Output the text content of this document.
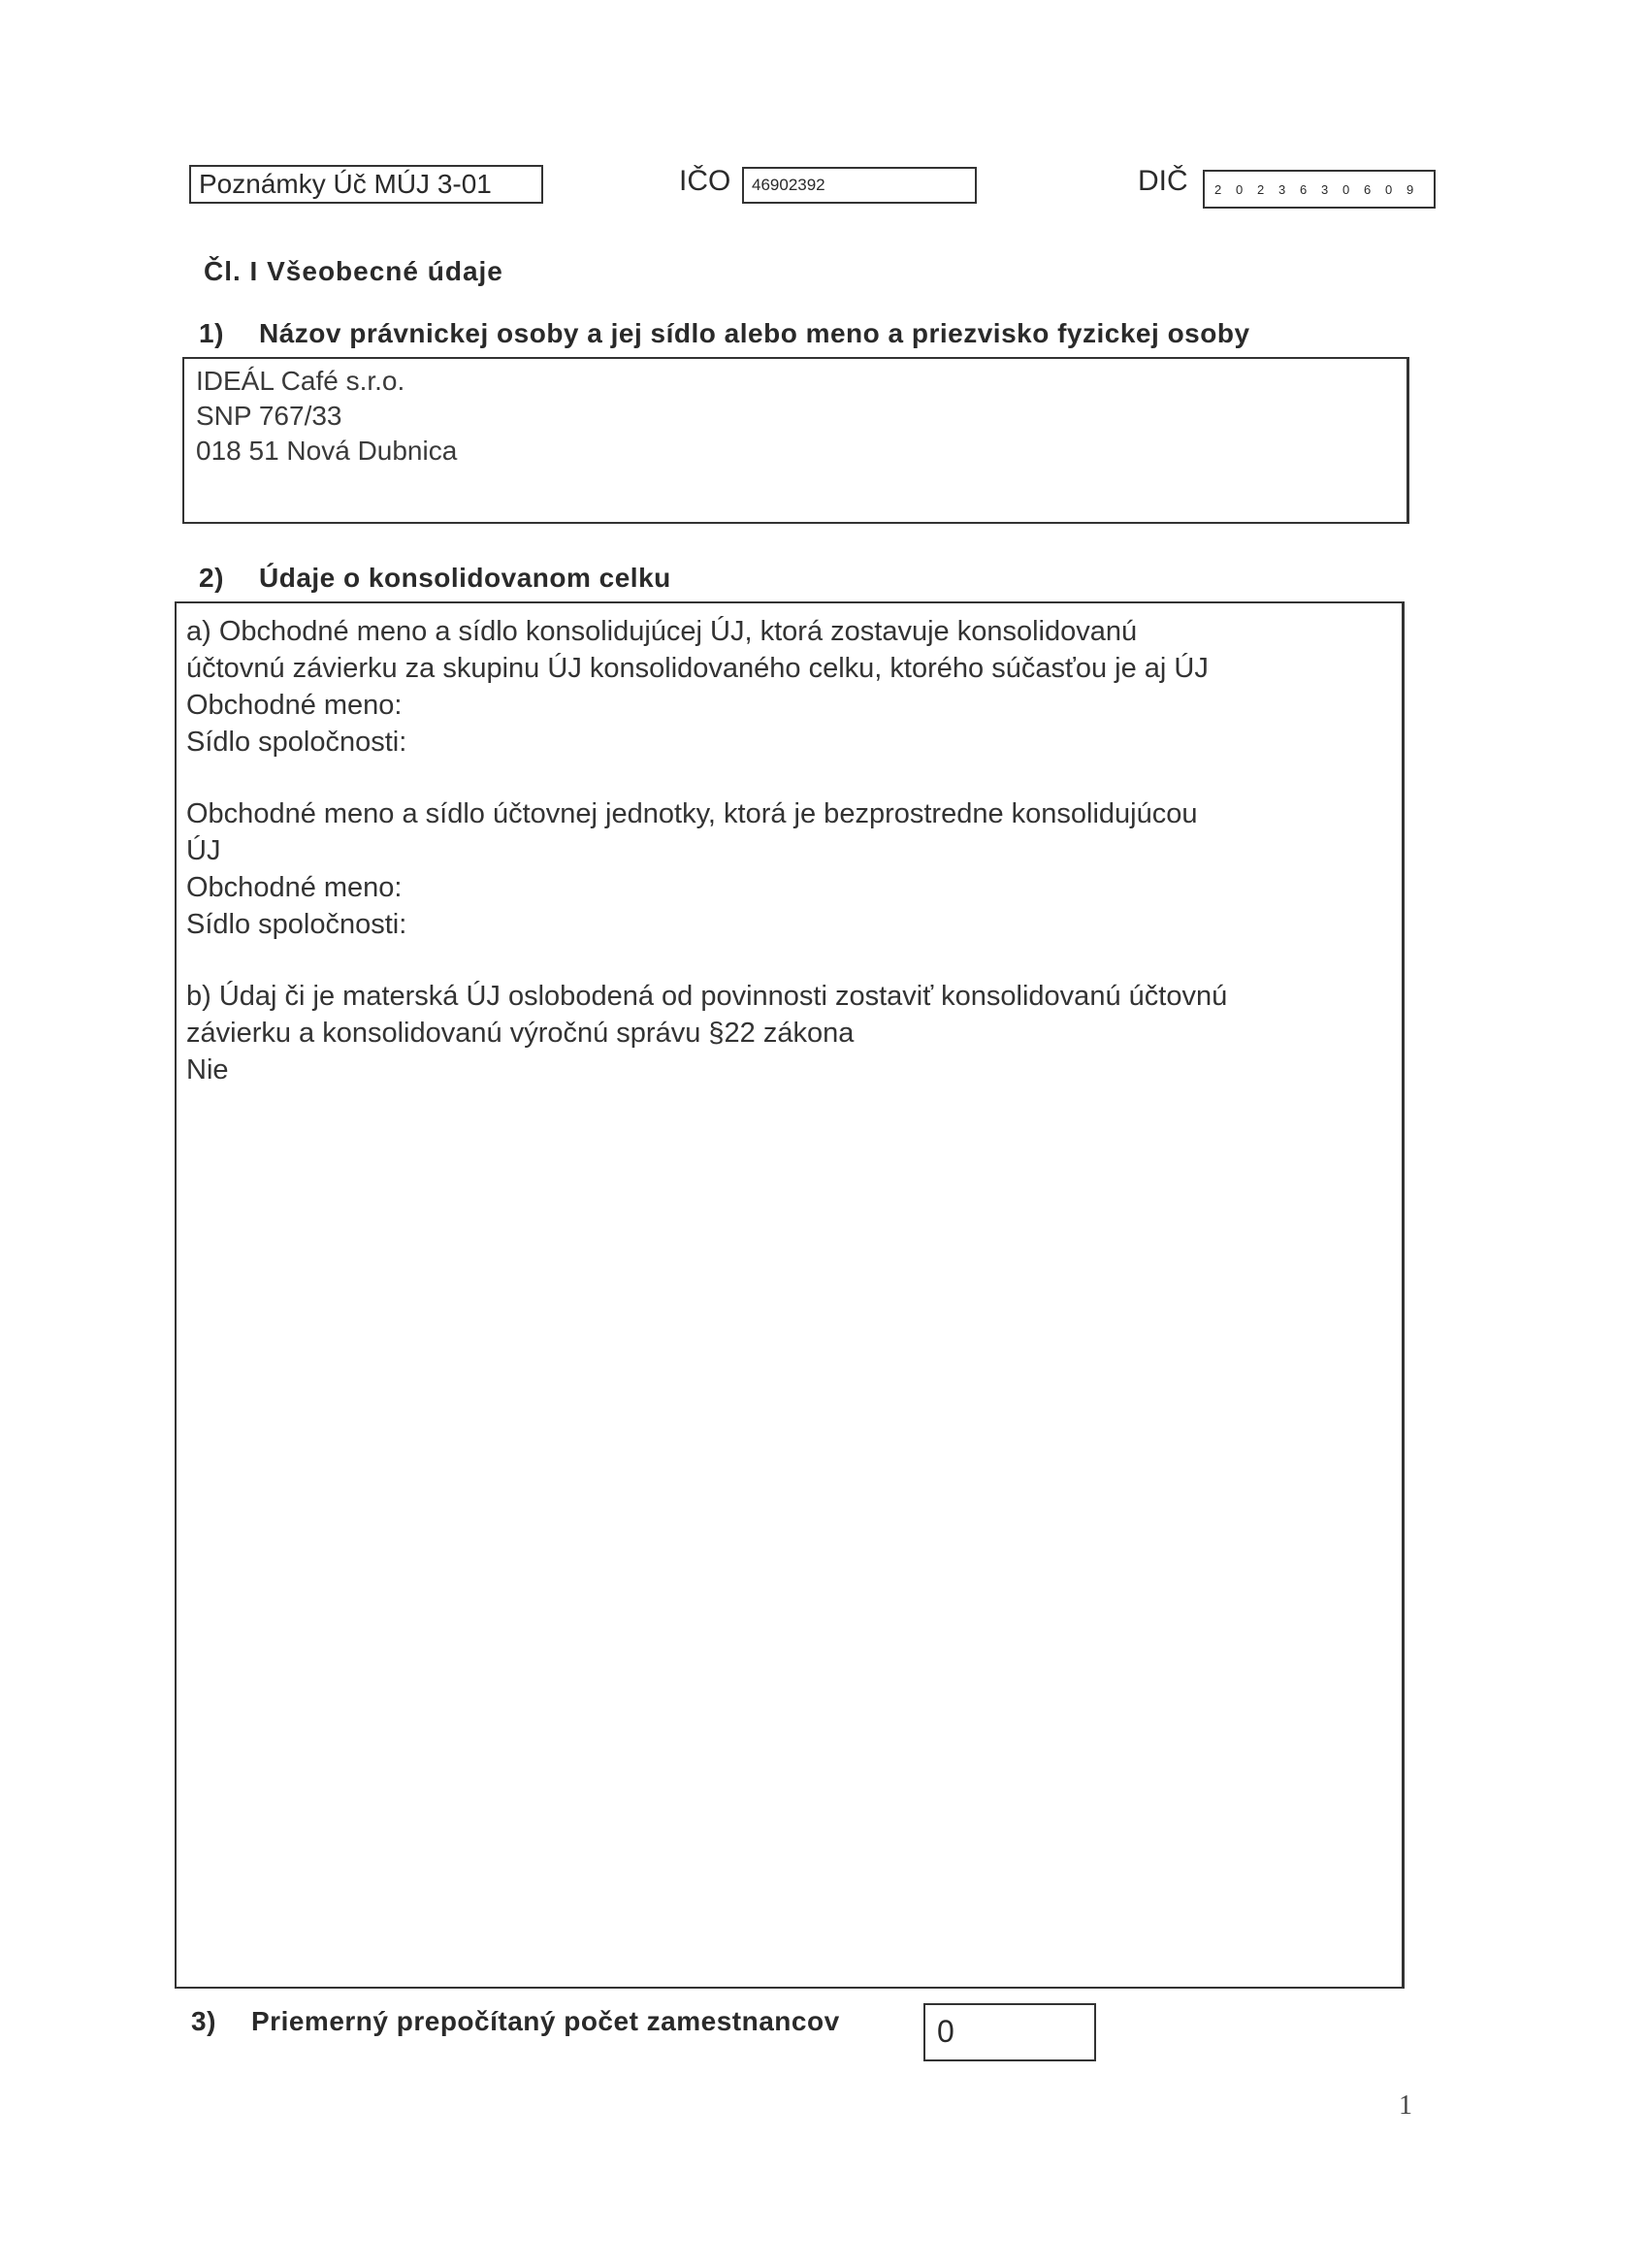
Poznámky Úč MÚJ 3-01	IČO	46902392	DIČ 2	0	2	3	6	3	0	6	0	9
Čl. I Všeobecné údaje
1) Názov právnickej osoby a jej sídlo alebo meno a priezvisko fyzickej osoby
IDEÁL Café s.r.o.
SNP 767/33
018 51 Nová Dubnica
2) Údaje o konsolidovanom celku
a) Obchodné meno a sídlo konsolidujúcej ÚJ, ktorá zostavuje konsolidovanú
účtovnú závierku za skupinu ÚJ konsolidovaného celku, ktorého súčasťou je aj ÚJ
Obchodné meno:
Sídlo spoločnosti:
Obchodné meno a sídlo účtovnej jednotky, ktorá je bezprostredne konsolidujúcou
ÚJ
Obchodné meno:
Sídlo spoločnosti:
b) Údaj či je materská ÚJ oslobodená od povinnosti zostaviť konsolidovanú účtovnú
závierku a konsolidovanú výročnú správu §22 zákona
Nie
3) Priemerný prepočítaný počet zamestnancov	0
1
